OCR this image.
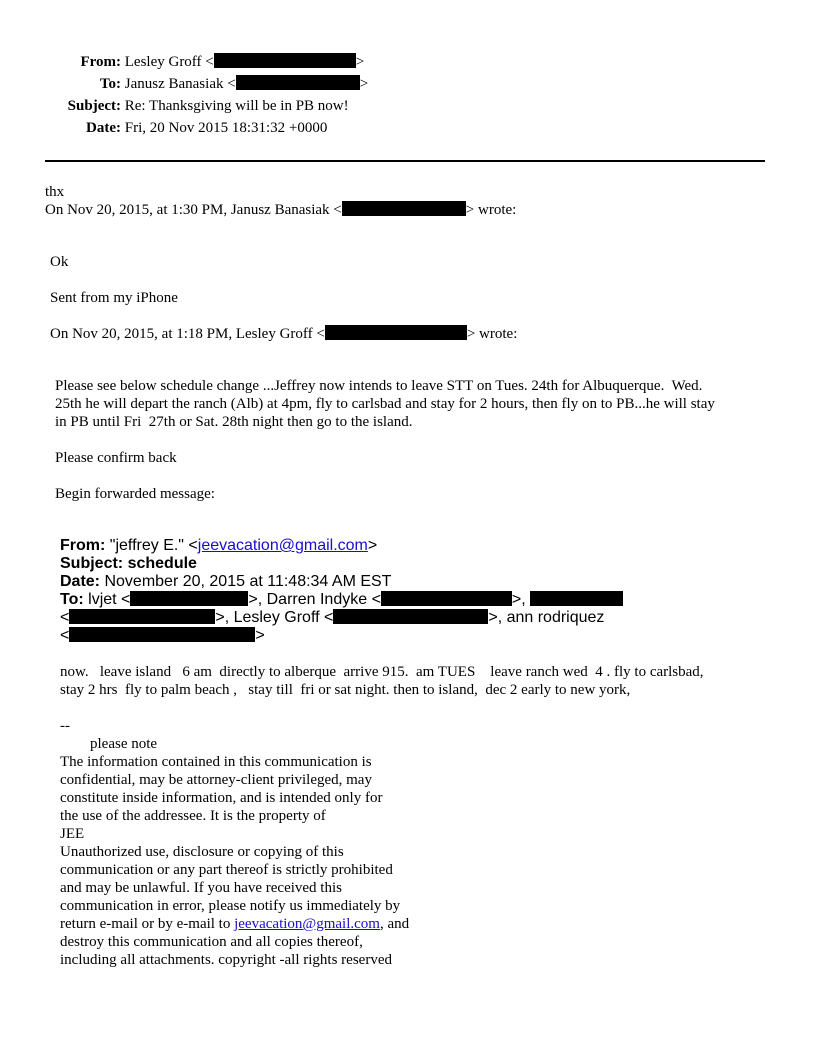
From: Lesley Groff <	>
To: Janusz Banasiak <	>
Subject: Re: Thanksgiving will be in PB now!
Date: Fri, 20 Nov 2015 18:31:32 +0000
thx
On Nov 20, 2015, at 1:30 PM, Janusz Banasiak <	> wrote:
Ok
Sent from my iPhone
On Nov 20, 2015, at 1:18 PM, Lesley Groff <	> wrote:
Please see below schedule change ...Jeffrey now intends to leave STT on Tues. 24th for Albuquerque.  Wed.
25th he will depart the ranch (Alb) at 4pm, fly to carlsbad and stay for 2 hours, then fly on to PB...he will stay
in PB until Fri  27th or Sat. 28th night then go to the island.
Please confirm back
Begin forwarded message:
From: "jeffrey E." <jeevacation@gmail.com>
Subject: schedule
Date: November 20, 2015 at 11:48:34 AM EST
To: lvjet <	>, Darren Indyke <	>,
<	>, Lesley Groff <	>, ann rodriquez
<	>
now.   leave island   6 am  directly to alberque  arrive 915.  am TUES    leave ranch wed  4 . fly to carlsbad,
stay 2 hrs  fly to palm beach ,   stay till  fri or sat night. then to island,  dec 2 early to new york,
--
please note
The information contained in this communication is
confidential, may be attorney-client privileged, may
constitute inside information, and is intended only for
the use of the addressee. It is the property of
JEE
Unauthorized use, disclosure or copying of this
communication or any part thereof is strictly prohibited
and may be unlawful. If you have received this
communication in error, please notify us immediately by
return e-mail or by e-mail to jeevacation@gmail.com, and
destroy this communication and all copies thereof,
including all attachments. copyright -all rights reserved
